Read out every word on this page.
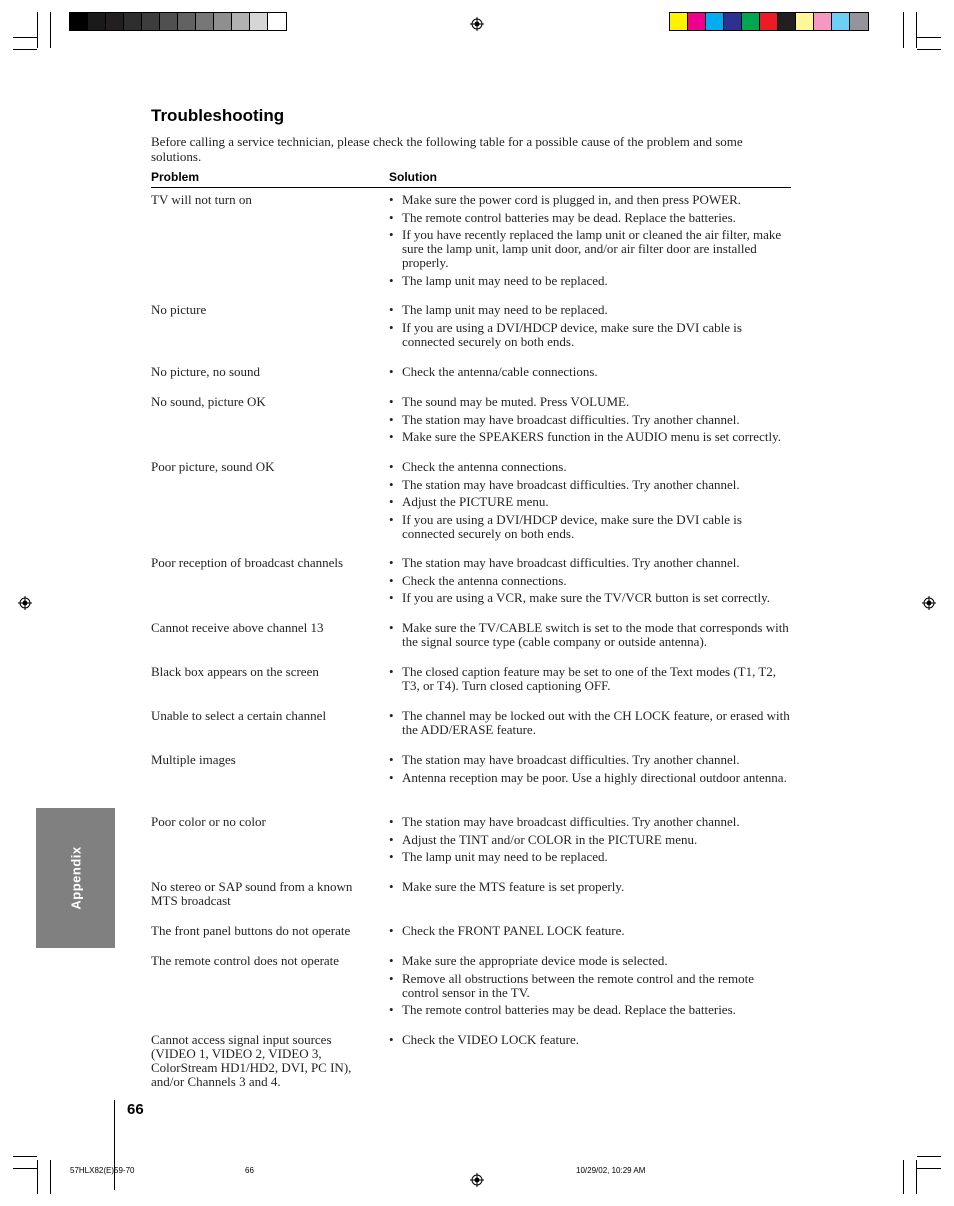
Troubleshooting
Before calling a service technician, please check the following table for a possible cause of the problem and some solutions.
Problem	Solution
TV will not turn on	• Make sure the power cord is plugged in, and then press POWER.
• The remote control batteries may be dead. Replace the batteries.
• If you have recently replaced the lamp unit or cleaned the air filter, make sure the lamp unit, lamp unit door, and/or air filter door are installed properly.
• The lamp unit may need to be replaced.
No picture	• The lamp unit may need to be replaced.
• If you are using a DVI/HDCP device, make sure the DVI cable is connected securely on both ends.
No picture, no sound	• Check the antenna/cable connections.
No sound, picture OK	• The sound may be muted. Press VOLUME.
• The station may have broadcast difficulties. Try another channel.
• Make sure the SPEAKERS function in the AUDIO menu is set correctly.
Poor picture, sound OK	• Check the antenna connections.
• The station may have broadcast difficulties. Try another channel.
• Adjust the PICTURE menu.
• If you are using a DVI/HDCP device, make sure the DVI cable is connected securely on both ends.
Poor reception of broadcast channels	• The station may have broadcast difficulties. Try another channel.
• Check the antenna connections.
• If you are using a VCR, make sure the TV/VCR button is set correctly.
Cannot receive above channel 13	• Make sure the TV/CABLE switch is set to the mode that corresponds with the signal source type (cable company or outside antenna).
Black box appears on the screen	• The closed caption feature may be set to one of the Text modes (T1, T2, T3, or T4). Turn closed captioning OFF.
Unable to select a certain channel	• The channel may be locked out with the CH LOCK feature, or erased with the ADD/ERASE feature.
Multiple images	• The station may have broadcast difficulties. Try another channel.
• Antenna reception may be poor. Use a highly directional outdoor antenna.
Poor color or no color	• The station may have broadcast difficulties. Try another channel.
• Adjust the TINT and/or COLOR in the PICTURE menu.
• The lamp unit may need to be replaced.
No stereo or SAP sound from a known MTS broadcast
• Make sure the MTS feature is set properly.
The front panel buttons do not operate	• Check the FRONT PANEL LOCK feature.
The remote control does not operate	• Make sure the appropriate device mode is selected.
• Remove all obstructions between the remote control and the remote control sensor in the TV.
• The remote control batteries may be dead. Replace the batteries.
Cannot access signal input sources (VIDEO 1, VIDEO 2, VIDEO 3, ColorStream HD1/HD2, DVI, PC IN), and/or Channels 3 and 4.
• Check the VIDEO LOCK feature.
Appendix
66
57HLX82(E)59-70	66	10/29/02, 10:29 AM
